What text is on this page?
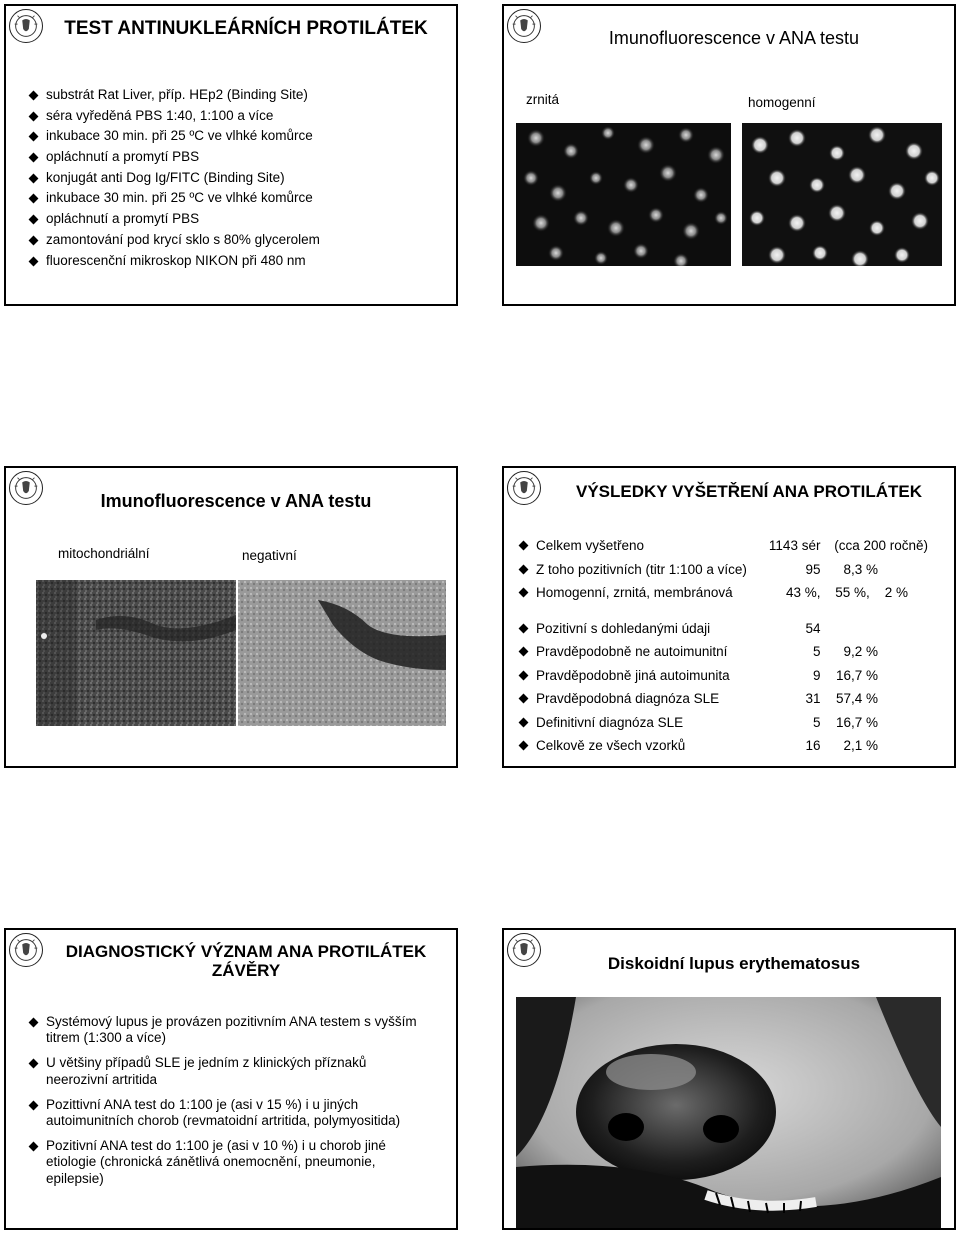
TEST ANTINUKLEÁRNÍCH PROTILÁTEK
substrát Rat Liver, příp. HEp2 (Binding Site)
séra vyředěná PBS 1:40, 1:100 a více
inkubace 30 min. při 25 ºC ve vlhké komůrce
opláchnutí a promytí PBS
konjugát anti Dog Ig/FITC (Binding Site)
inkubace 30 min. při 25 ºC ve vlhké komůrce
opláchnutí a promytí PBS
zamontování pod krycí sklo s 80% glycerolem
fluorescenční mikroskop NIKON při 480 nm
Imunofluorescence v ANA testu
zrnitá	homogenní
Imunofluorescence v ANA testu
mitochondriální	negativní
VÝSLEDKY VYŠETŘENÍ ANA PROTILÁTEK
	Celkem vyšetřeno	1143 sér	(cca 200 ročně)

	Z toho pozitivních (titr 1:100 a více)	95	8,3 %

	Homogenní, zrnitá, membránová	43 %,	55 %,    2 %

	Pozitivní s dohledanými údaji	54	

	Pravděpodobně ne autoimunitní	5	9,2 %

	Pravděpodobně jiná autoimunita	9	16,7 %

	Pravděpodobná diagnóza SLE	31	57,4 %

	Definitivní diagnóza SLE	5	16,7 %

	Celkově ze všech vzorků	16	2,1 %
DIAGNOSTICKÝ VÝZNAM ANA PROTILÁTEK
ZÁVĚRY
Systémový lupus je provázen pozitivním ANA testem s vyšším titrem (1:300 a více)
U většiny případů SLE je jedním z klinických příznaků neerozivní artritida
Pozittivní ANA test do 1:100 je (asi v 15 %) i u jiných autoimunitních chorob (revmatoidní artritida, polymyositida)
Pozitivní ANA test do 1:100 je (asi v 10 %) i u chorob jiné etiologie (chronická zánětlivá onemocnění, pneumonie, epilepsie)
Diskoidní lupus erythematosus
